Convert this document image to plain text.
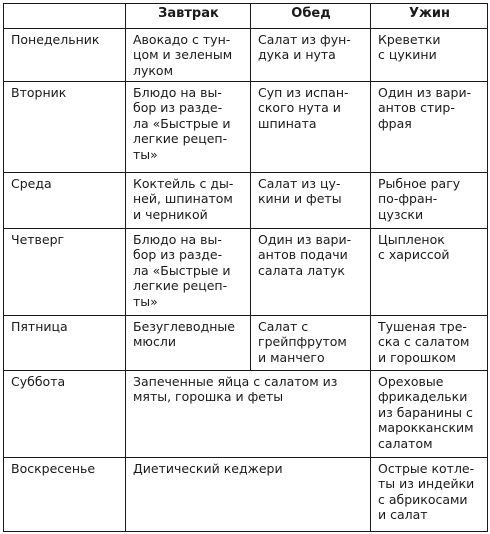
	Завтрак	Обед	Ужин

Понедельник	Авокадо с тун-
цом и зеленым
луком	Салат из фун-
дука и нута	Креветки
с цукини

Вторник	Блюдо на вы-
бор из разде-
ла «Быстрые и
легкие рецеп-
ты»	Суп из испан-
ского нута и
шпината	Один из вари-
антов стир-
фрая

Среда	Коктейль с ды-
ней, шпинатом
и черникой	Салат из цу-
кини и феты	Рыбное рагу
по-фран-
цузски

Четверг	Блюдо на вы-
бор из разде-
ла «Быстрые и
легкие рецеп-
ты»	Один из вари-
антов подачи
салата латук	Цыпленок
с хариссой

Пятница	Безуглеводные
мюсли	Салат с
грейпфрутом
и манчего	Тушеная тре-
ска с салатом
и горошком

Суббота	Запеченные яйца с салатом из
мяты, горошка и феты		Ореховые
фрикадельки
из баранины с
марокканским
салатом

Воскресенье	Диетический кеджери		Острые котле-
ты из индейки
с абрикосами
и салат
